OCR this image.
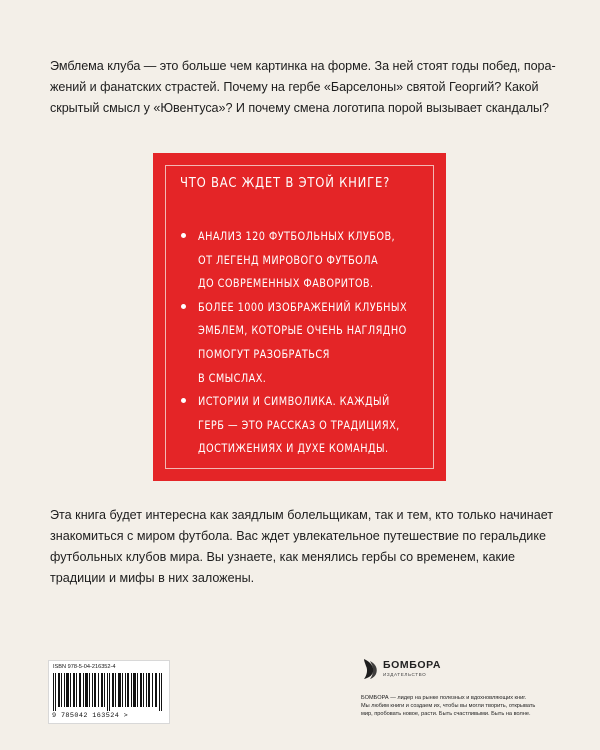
Эмблема клуба — это больше чем картинка на форме. За ней стоят годы побед, пора-
жений и фанатских страстей. Почему на гербе «Барселоны» святой Георгий? Какой
скрытый смысл у «Ювентуса»? И почему смена логотипа порой вызывает скандалы?
ЧТО ВАС ЖДЕТ В ЭТОЙ КНИГЕ?
АНАЛИЗ 120 ФУТБОЛЬНЫХ КЛУБОВ,
ОТ ЛЕГЕНД МИРОВОГО ФУТБОЛА
ДО СОВРЕМЕННЫХ ФАВОРИТОВ.
БОЛЕЕ 1000 ИЗОБРАЖЕНИЙ КЛУБНЫХ
ЭМБЛЕМ, КОТОРЫЕ ОЧЕНЬ НАГЛЯДНО
ПОМОГУТ РАЗОБРАТЬСЯ
В СМЫСЛАХ.
ИСТОРИИ И СИМВОЛИКА. КАЖДЫЙ
ГЕРБ — ЭТО РАССКАЗ О ТРАДИЦИЯХ,
ДОСТИЖЕНИЯХ И ДУХЕ КОМАНДЫ.
Эта книга будет интересна как заядлым болельщикам, так и тем, кто только начинает
знакомиться с миром футбола. Вас ждет увлекательное путешествие по геральдике
футбольных клубов мира. Вы узнаете, как менялись гербы со временем, какие
традиции и мифы в них заложены.
ISBN 978-5-04-216352-4
9 785042 163524 >
БОМБОРА
ИЗДАТЕЛЬСТВО
БОМБОРА — лидер на рынке полезных и вдохновляющих книг.
Мы любим книги и создаем их, чтобы вы могли творить, открывать
мир, пробовать новое, расти. Быть счастливыми. Быть на волне.
